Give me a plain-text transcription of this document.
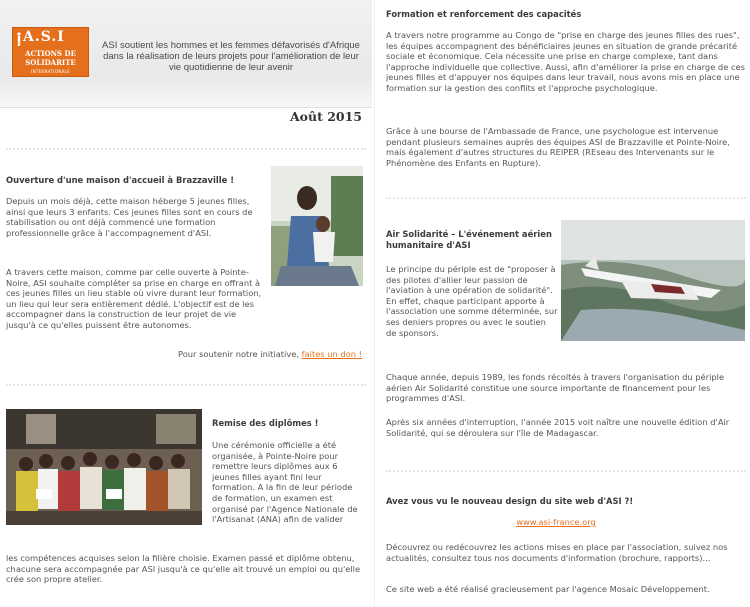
A.S.I
ACTIONS DE
SOLIDARITE
INTERNATIONALE
ASI soutient les hommes et les femmes défavorisés d'Afrique dans la réalisation de leurs projets pour l'amélioration de leur vie quotidienne de leur avenir
Août 2015
Ouverture d'une maison d'accueil à Brazzaville !

Depuis un mois déjà, cette maison héberge 5 jeunes filles, ainsi que leurs 3 enfants. Ces jeunes filles sont en cours de stabilisation ou ont déjà commencé une formation professionnelle grâce à l'accompagnement d'ASI.

A travers cette maison, comme par celle ouverte à Pointe-Noire, ASI souhaite compléter sa prise en charge en offrant à ces jeunes filles un lieu stable où vivre durant leur formation, un lieu qui leur sera entièrement dédié. L'objectif est de les accompagner dans la construction de leur projet de vie jusqu'à ce qu'elles puissent être autonomes.

Pour soutenir notre initiative, faites un don !
Remise des diplômes !

Une cérémonie officielle a été organisée, à Pointe-Noire pour remettre leurs diplômes aux 6 jeunes filles ayant fini leur formation. A la fin de leur période de formation, un examen est organisé par l'Agence Nationale de l'Artisanat (ANA) afin de valider

les compétences acquises selon la filière choisie. Examen passé et diplôme obtenu, chacune sera accompagnée par ASI jusqu'à ce qu'elle ait trouvé un emploi ou qu'elle crée son propre atelier.

Formation et renforcement des capacités

A travers notre programme au Congo de "prise en charge des jeunes filles des rues", les équipes accompagnent des bénéficiaires jeunes en situation de grande précarité sociale et économique. Cela nécessite une prise en charge complexe, tant dans l'approche individuelle que collective. Aussi, afin d'améliorer la prise en charge de ces jeunes filles et d'appuyer nos équipes dans leur travail, nous avons mis en place une formation sur la gestion des conflits et l'approche psychologique.

Grâce à une bourse de l'Ambassade de France, une psychologue est intervenue pendant plusieurs semaines auprès des équipes ASI de Brazzaville et Pointe-Noire, mais également d'autres structures du REIPER (REseau des Intervenants sur le Phénomène des Enfants en Rupture).

Air Solidarité – L'événement aérien humanitaire d'ASI

Le principe du périple est de "proposer à des pilotes d'allier leur passion de l'aviation à une opération de solidarité". En effet, chaque participant apporte à l'association une somme déterminée, sur ses deniers propres ou avec le soutien de sponsors.

Chaque année, depuis 1989, les fonds récoltés à travers l'organisation du périple aérien Air Solidarité constitue une source importante de financement pour les programmes d'ASI.

Après six années d'interruption, l'année 2015 voit naître une nouvelle édition d'Air Solidarité, qui se déroulera sur l'île de Madagascar.

Avez vous vu le nouveau design du site web d'ASI ?!
www.asi-france.org

Découvrez ou redécouvrez les actions mises en place par l'association, suivez nos actualités, consultez tous nos documents d'information (brochure, rapports)...

Ce site web a été réalisé gracieusement par l'agence Mosaic Développement.
